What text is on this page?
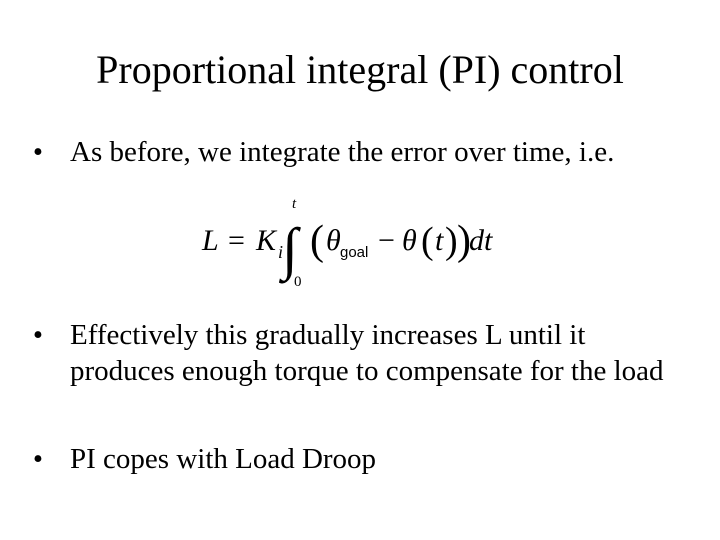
Proportional integral (PI) control
• As before, we integrate the error over time, i.e.
L = K i
t
∫
0
( θ goal − θ ( t ) )
dt
• Effectively this gradually increases L until it produces enough torque to compensate for the load
• PI copes with Load Droop
